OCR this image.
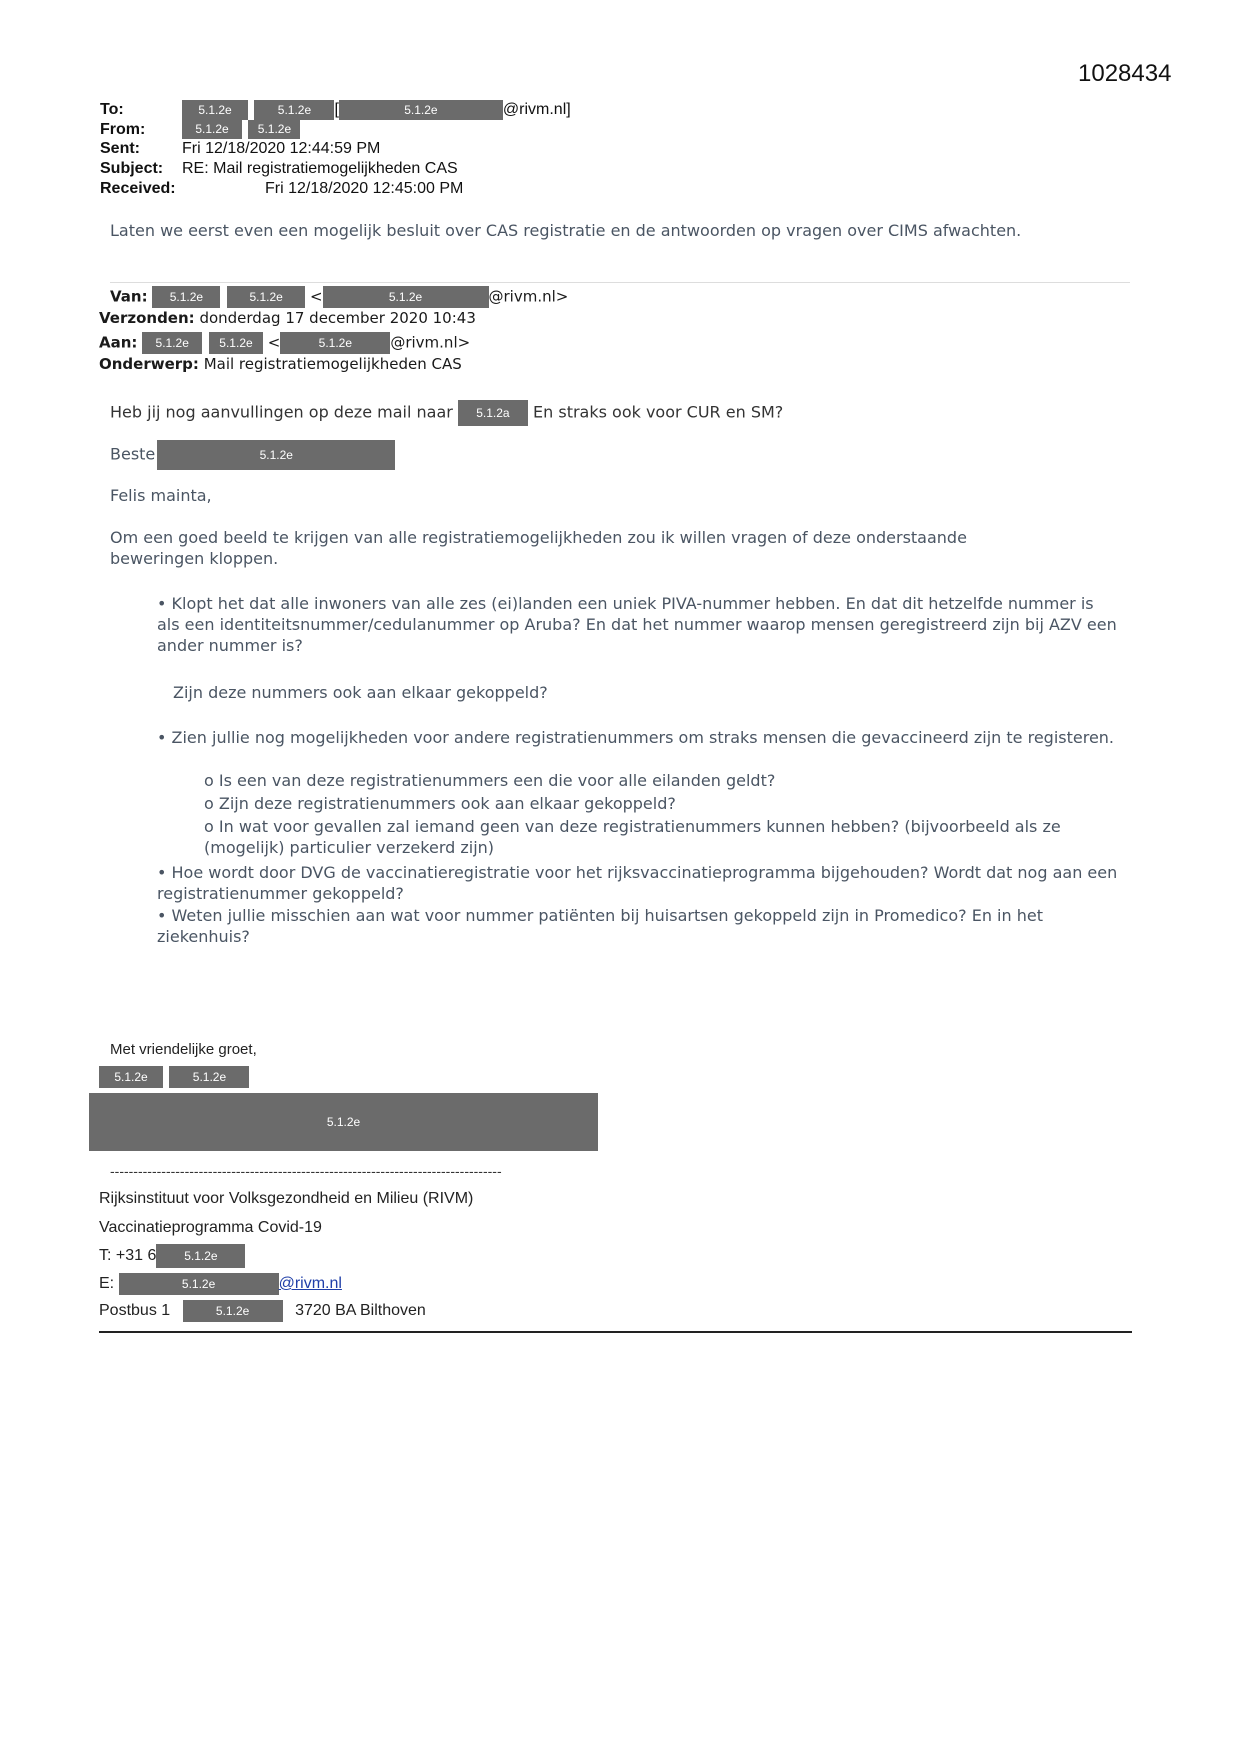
1028434
To:	5.1.2e	5.1.2e [	5.1.2e	@rivm.nl]
From:	5.1.2e 5.1.2e
Sent:	Fri 12/18/2020 12:44:59 PM
Subject: RE: Mail registratiemogelijkheden CAS
Received:	Fri 12/18/2020 12:45:00 PM
Laten we eerst even een mogelijk besluit over CAS registratie en de antwoorden op vragen over CIMS afwachten.
Van: 5.1.2e	5.1.2e <	5.1.2e	@rivm.nl>
Verzonden: donderdag 17 december 2020 10:43
Aan: 5.1.2e	5.1.2e <	5.1.2e	@rivm.nl>
Onderwerp: Mail registratiemogelijkheden CAS
Heb jij nog aanvullingen op deze mail naar 5.1.2a En straks ook voor CUR en SM?
Beste	5.1.2e
Felis mainta,
Om een goed beeld te krijgen van alle registratiemogelijkheden zou ik willen vragen of deze onderstaande
beweringen kloppen.
• Klopt het dat alle inwoners van alle zes (ei)landen een uniek PIVA-nummer hebben. En dat dit hetzelfde nummer is als een identiteitsnummer/cedulanummer op Aruba? En dat het nummer waarop mensen geregistreerd zijn bij AZV een ander nummer is?
Zijn deze nummers ook aan elkaar gekoppeld?
• Zien jullie nog mogelijkheden voor andere registratienummers om straks mensen die gevaccineerd zijn te registeren.
o Is een van deze registratienummers een die voor alle eilanden geldt?
o Zijn deze registratienummers ook aan elkaar gekoppeld?
o In wat voor gevallen zal iemand geen van deze registratienummers kunnen hebben? (bijvoorbeeld als ze (mogelijk) particulier verzekerd zijn)
• Hoe wordt door DVG de vaccinatieregistratie voor het rijksvaccinatieprogramma bijgehouden? Wordt dat nog aan een registratienummer gekoppeld?
• Weten jullie misschien aan wat voor nummer patiënten bij huisartsen gekoppeld zijn in Promedico? En in het ziekenhuis?
Met vriendelijke groet,
5.1.2e	5.1.2e
5.1.2e
------------------------------------------------------------------------------------
Rijksinstituut voor Volksgezondheid en Milieu (RIVM)
Vaccinatieprogramma Covid-19
T: +31 6 5.1.2e
E:	5.1.2e	@rivm.nl
Postbus 1	5.1.2e	3720 BA Bilthoven
